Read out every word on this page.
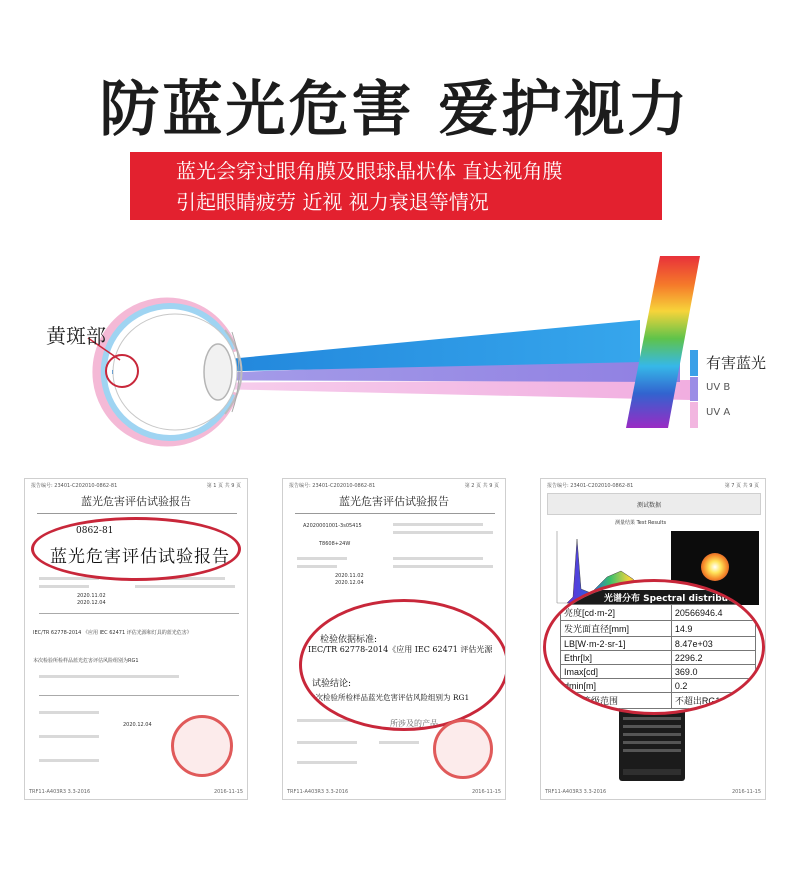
防蓝光危害 爱护视力
蓝光会穿过眼角膜及眼球晶状体 直达视角膜
引起眼睛疲劳 近视 视力衰退等情况
黄斑部
有害蓝光
UV B
UV A
报告编号: 23401-C202010-0862-81	第 1 页 共 9 页
蓝光危害评估试验报告
2020.11.02
2020.12.04
IEC/TR 62778-2014 《应用 IEC 62471 评估光源和灯具的蓝光危害》
本次检验所检样品蓝光危害评估风险组别为RG1
2020.12.04
TRF11-A403R3 3.3-2016	2016-11-15
0862-81
蓝光危害评估试验报告
报告编号: 23401-C202010-0862-81	第 2 页 共 9 页
蓝光危害评估试验报告
A2020001001-3s05415
T8608+24W
2020.11.02
2020.12.04
TRF11-A403R3 3.3-2016	2016-11-15
检验依据标准:
IEC/TR 62778-2014《应用 IEC 62471 评估光源
试验结论:
本次检验所检样品蓝光危害评估风险组别为 RG1
所涉及的产品
报告编号: 23401-C202010-0862-81	第 7 页 共 9 页
测试数据
测量结果 Test Results
TRF11-A403R3 3.3-2016	2016-11-15
光谱分布 Spectral distributi
亮度[cd·m-2]	20566946.4
发光面直径[mm]	14.9
LB[W·m-2·sr-1]	8.47e+03
Ethr[lx]	2296.2
Imax[cd]	369.0
dmin[m]	0.2
安全等级范围	不超出RG1
